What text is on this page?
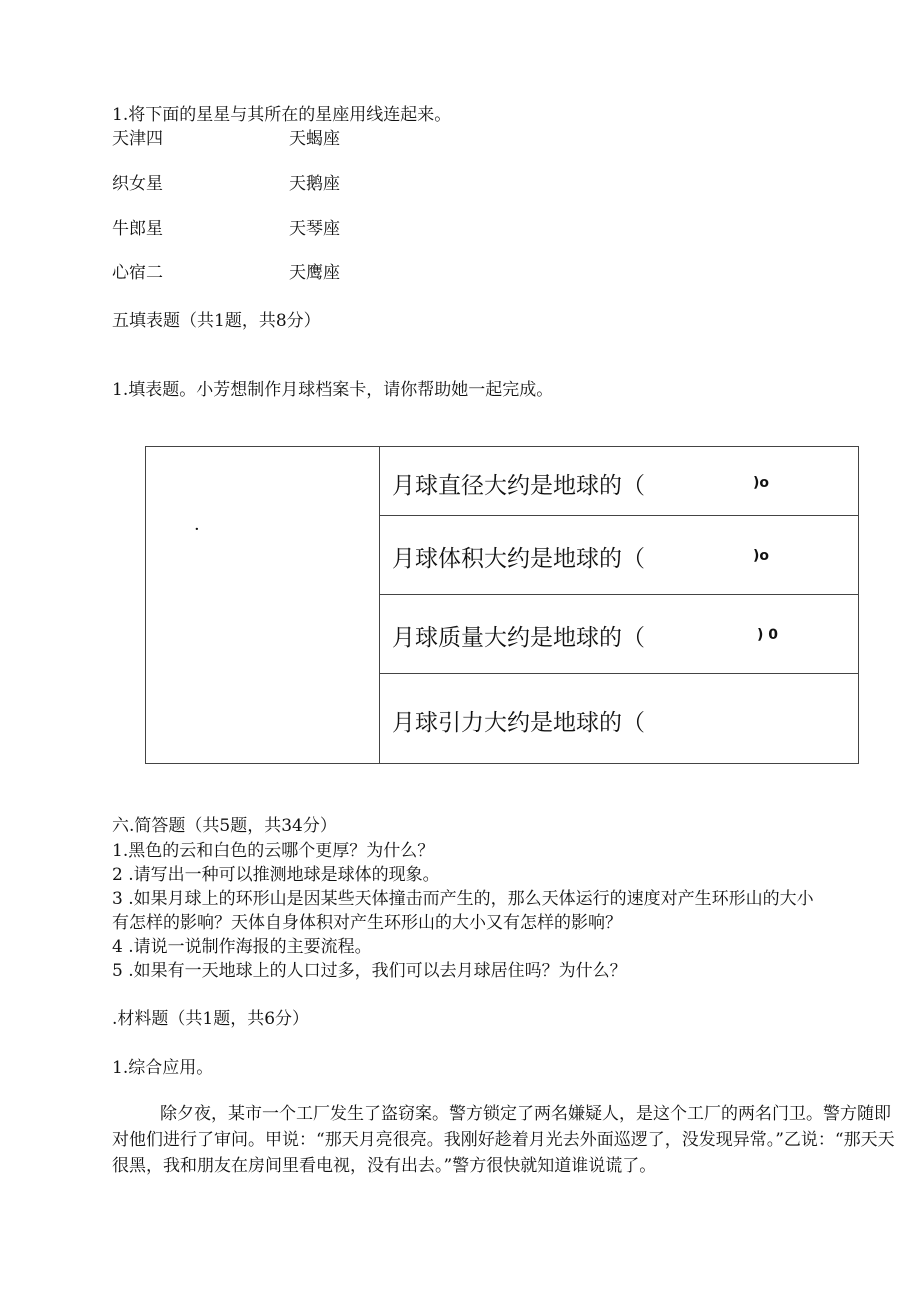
1.将下面的星星与其所在的星座用线连起来。
天津四	天蝎座
织女星	天鹅座
牛郎星	天琴座
心宿二	天鹰座
五填表题（共1题，共8分）
1.填表题。小芳想制作月球档案卡，请你帮助她一起完成。
·

月球直径大约是地球的（	)o

月球体积大约是地球的（	)o

月球质量大约是地球的（	) 0

月球引力大约是地球的（
六.简答题（共5题，共34分）
1.黑色的云和白色的云哪个更厚？为什么？
2 .请写出一种可以推测地球是球体的现象。
3 .如果月球上的环形山是因某些天体撞击而产生的，那么天体运行的速度对产生环形山的大小
有怎样的影响？天体自身体积对产生环形山的大小又有怎样的影响？
4 .请说一说制作海报的主要流程。
5 .如果有一天地球上的人口过多，我们可以去月球居住吗？为什么？
.材料题（共1题，共6分）
1.综合应用。
除夕夜，某市一个工厂发生了盗窃案。警方锁定了两名嫌疑人，是这个工厂的两名门卫。警方随即对他们进行了审问。甲说：“那天月亮很亮。我刚好趁着月光去外面巡逻了，没发现异常。”乙说：“那天天很黑，我和朋友在房间里看电视，没有出去。”警方很快就知道谁说谎了。
